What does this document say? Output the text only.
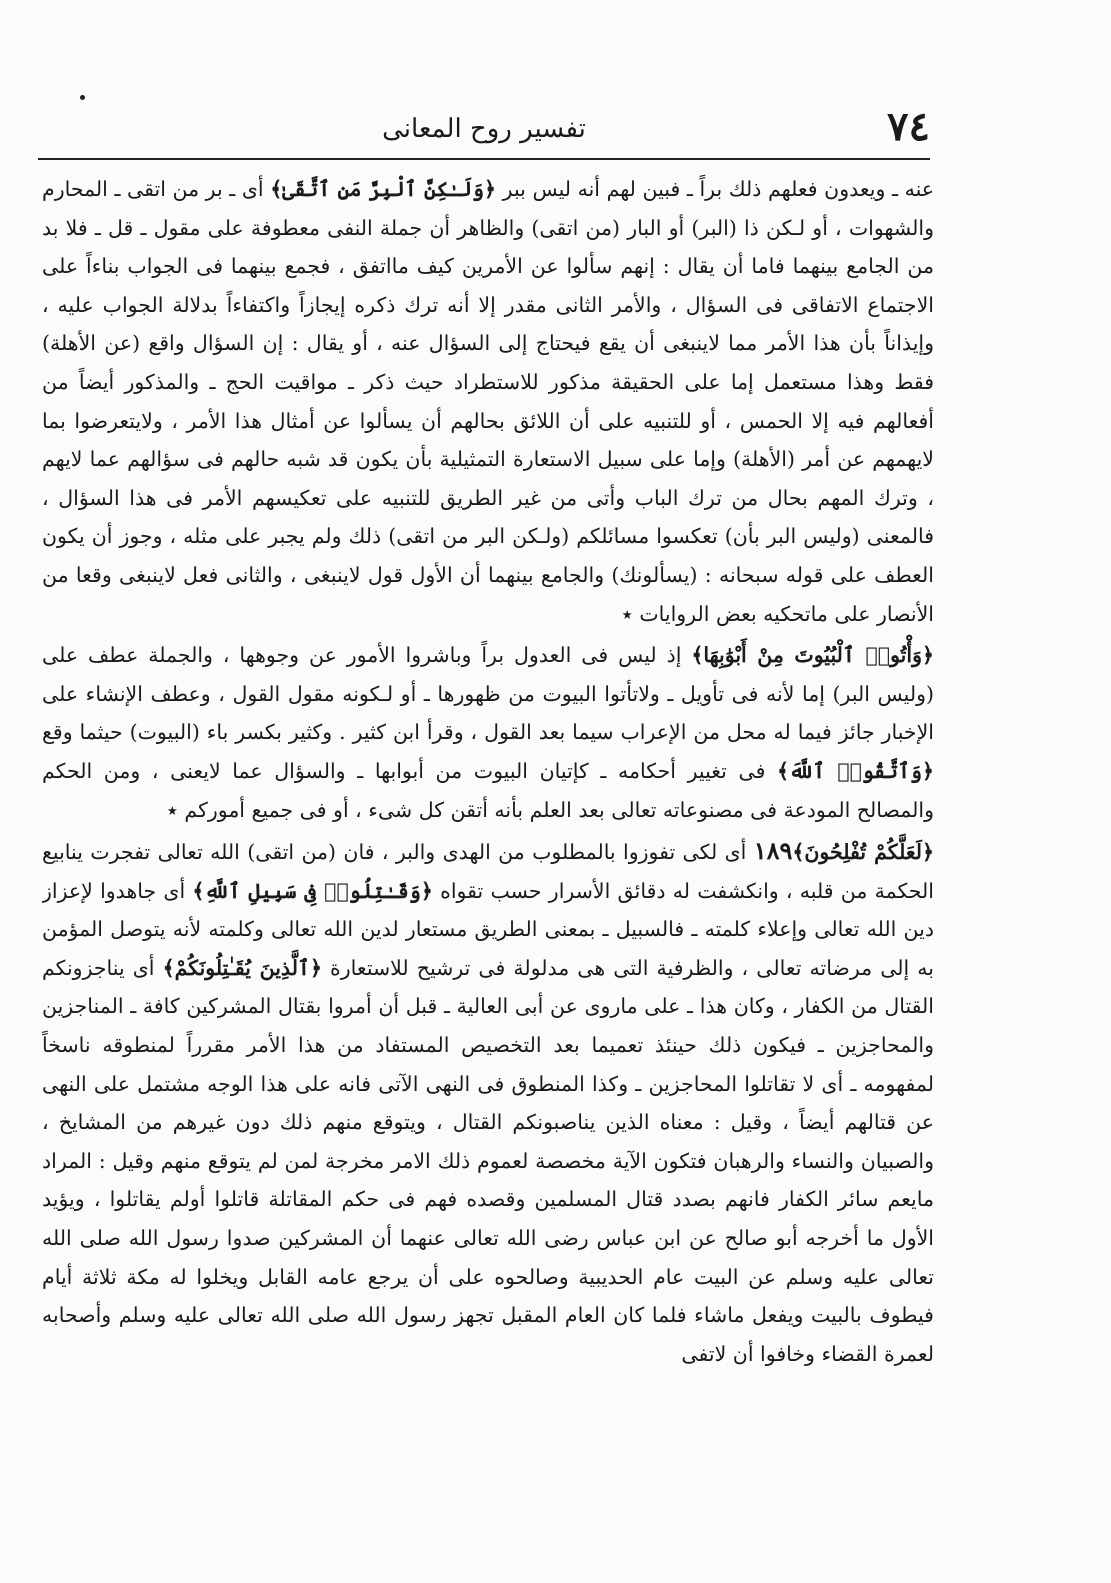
٧٤
تفسير روح المعانى

عنه ـ ويعدون فعلهم ذلك براً ـ فبين لهم أنه ليس ببر ﴿ وَلَـٰكِنَّ ٱلْبِرَّ مَنِ ٱتَّقَىٰ ﴾ أى ـ بر من اتقى ـ المحارم والشهوات ، أو لـكن ذا (البر) أو البار (من اتقى) والظاهر أن جملة النفى معطوفة على مقول ـ قل ـ فلا بد من الجامع بينهما فاما أن يقال : إنهم سألوا عن الأمرين كيف مااتفق ، فجمع بينهما فى الجواب بناءاً على الاجتماع الاتفاقى فى السؤال ، والأمر الثانى مقدر إلا أنه ترك ذكره إيجازاً واكتفاءاً بدلالة الجواب عليه ، وإيذاناً بأن هذا الأمر مما لاينبغى أن يقع فيحتاج إلى السؤال عنه ، أو يقال : إن السؤال واقع (عن الأهلة) فقط وهذا مستعمل إما على الحقيقة مذكور للاستطراد حيث ذكر ـ مواقيت الحج ـ والمذكور أيضاً من أفعالهم فيه إلا الحمس ، أو للتنبيه على أن اللائق بحالهم أن يسألوا عن أمثال هذا الأمر ، ولايتعرضوا بما لايهمهم عن أمر (الأهلة) وإما على سبيل الاستعارة التمثيلية بأن يكون قد شبه حالهم فى سؤالهم عما لايهم ، وترك المهم بحال من ترك الباب وأتى من غير الطريق للتنبيه على تعكيسهم الأمر فى هذا السؤال ، فالمعنى (وليس البر بأن) تعكسوا مسائلكم (ولـكن البر من اتقى) ذلك ولم يجبر على مثله ، وجوز أن يكون العطف على قوله سبحانه : (يسألونك) والجامع بينهما أن الأول قول لاينبغى ، والثانى فعل لاينبغى وقعا من الأنصار على ماتحكيه بعض الروايات ٭

﴿ وَأْتُوا۟ ٱلْبُيُوتَ مِنْ أَبْوَٰبِهَا ﴾ إذ ليس فى العدول براً وباشروا الأمور عن وجوهها ، والجملة عطف على (وليس البر) إما لأنه فى تأويل ـ ولاتأتوا البيوت من ظهورها ـ أو لـكونه مقول القول ، وعطف الإنشاء على الإخبار جائز فيما له محل من الإعراب سيما بعد القول ، وقرأ ابن كثير . وكثير بكسر باء (البيوت) حيثما وقع ﴿ وَٱتَّقُوا۟ ٱللَّهَ ﴾ فى تغيير أحكامه ـ كإتيان البيوت من أبوابها ـ والسؤال عما لايعنى ، ومن الحكم والمصالح المودعة فى مصنوعاته تعالى بعد العلم بأنه أتقن كل شىء ، أو فى جميع أموركم ٭

﴿ لَعَلَّكُمْ تُفْلِحُونَ ﴾١٨٩ أى لكى تفوزوا بالمطلوب من الهدى والبر ، فان (من اتقى) الله تعالى تفجرت ينابيع الحكمة من قلبه ، وانكشفت له دقائق الأسرار حسب تقواه ﴿ وَقَـٰتِلُوا۟ فِى سَبِيلِ ٱللَّهِ ﴾ أى جاهدوا لإعزاز دين الله تعالى وإعلاء كلمته ـ فالسبيل ـ بمعنى الطريق مستعار لدين الله تعالى وكلمته لأنه يتوصل المؤمن به إلى مرضاته تعالى ، والظرفية التى هى مدلولة فى ترشيح للاستعارة ﴿ ٱلَّذِينَ يُقَـٰتِلُونَكُمْ ﴾ أى يناجزونكم القتال من الكفار ، وكان هذا ـ على ماروى عن أبى العالية ـ قبل أن أمروا بقتال المشركين كافة ـ المناجزين والمحاجزين ـ فيكون ذلك حينئذ تعميما بعد التخصيص المستفاد من هذا الأمر مقرراً لمنطوقه ناسخاً لمفهومه ـ أى لا تقاتلوا المحاجزين ـ وكذا المنطوق فى النهى الآتى فانه على هذا الوجه مشتمل على النهى عن قتالهم أيضاً ، وقيل : معناه الذين يناصبونكم القتال ، ويتوقع منهم ذلك دون غيرهم من المشايخ ، والصبيان والنساء والرهبان فتكون الآية مخصصة لعموم ذلك الامر مخرجة لمن لم يتوقع منهم وقيل : المراد مايعم سائر الكفار فانهم بصدد قتال المسلمين وقصده فهم فى حكم المقاتلة قاتلوا أولم يقاتلوا ، ويؤيد الأول ما أخرجه أبو صالح عن ابن عباس رضى الله تعالى عنهما أن المشركين صدوا رسول الله صلى الله تعالى عليه وسلم عن البيت عام الحديبية وصالحوه على أن يرجع عامه القابل ويخلوا له مكة ثلاثة أيام فيطوف بالبيت ويفعل ماشاء فلما كان العام المقبل تجهز رسول الله صلى الله تعالى عليه وسلم وأصحابه لعمرة القضاء وخافوا أن لاتفى
